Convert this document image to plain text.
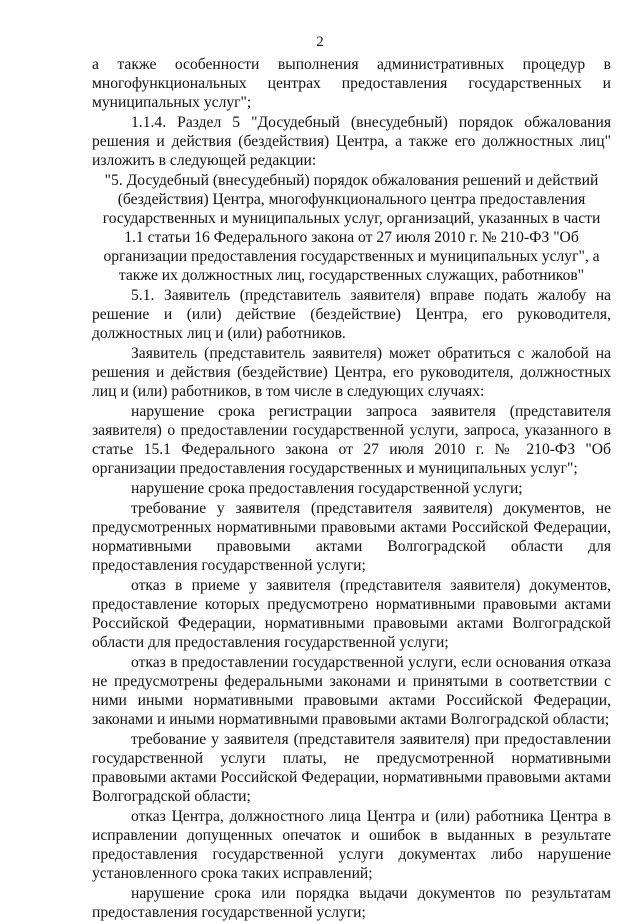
2

а также особенности выполнения административных процедур в многофункциональных центрах предоставления государственных и муниципальных услуг";

1.1.4. Раздел 5 "Досудебный (внесудебный) порядок обжалования решения и действия (бездействия) Центра, а также его должностных лиц" изложить в следующей редакции:

"5. Досудебный (внесудебный) порядок обжалования решений и действий (бездействия) Центра, многофункционального центра предоставления государственных и муниципальных услуг, организаций, указанных в части 1.1 статьи 16 Федерального закона от 27 июля 2010 г. № 210-ФЗ "Об организации предоставления государственных и муниципальных услуг", а также их должностных лиц, государственных служащих, работников"

5.1. Заявитель (представитель заявителя) вправе подать жалобу на решение и (или) действие (бездействие) Центра, его руководителя, должностных лиц и (или) работников.

Заявитель (представитель заявителя) может обратиться с жалобой на решения и действия (бездействие) Центра, его руководителя, должностных лиц и (или) работников, в том числе в следующих случаях:

нарушение срока регистрации запроса заявителя (представителя заявителя) о предоставлении государственной услуги, запроса, указанного в статье 15.1 Федерального закона от 27 июля 2010 г. № 210-ФЗ "Об организации предоставления государственных и муниципальных услуг";

нарушение срока предоставления государственной услуги;

требование у заявителя (представителя заявителя) документов, не предусмотренных нормативными правовыми актами Российской Федерации, нормативными правовыми актами Волгоградской области для предоставления государственной услуги;

отказ в приеме у заявителя (представителя заявителя) документов, предоставление которых предусмотрено нормативными правовыми актами Российской Федерации, нормативными правовыми актами Волгоградской области для предоставления государственной услуги;

отказ в предоставлении государственной услуги, если основания отказа не предусмотрены федеральными законами и принятыми в соответствии с ними иными нормативными правовыми актами Российской Федерации, законами и иными нормативными правовыми актами Волгоградской области;

требование у заявителя (представителя заявителя) при предоставлении государственной услуги платы, не предусмотренной нормативными правовыми актами Российской Федерации, нормативными правовыми актами Волгоградской области;

отказ Центра, должностного лица Центра и (или) работника Центра в исправлении допущенных опечаток и ошибок в выданных в результате предоставления государственной услуги документах либо нарушение установленного срока таких исправлений;

нарушение срока или порядка выдачи документов по результатам предоставления государственной услуги;
